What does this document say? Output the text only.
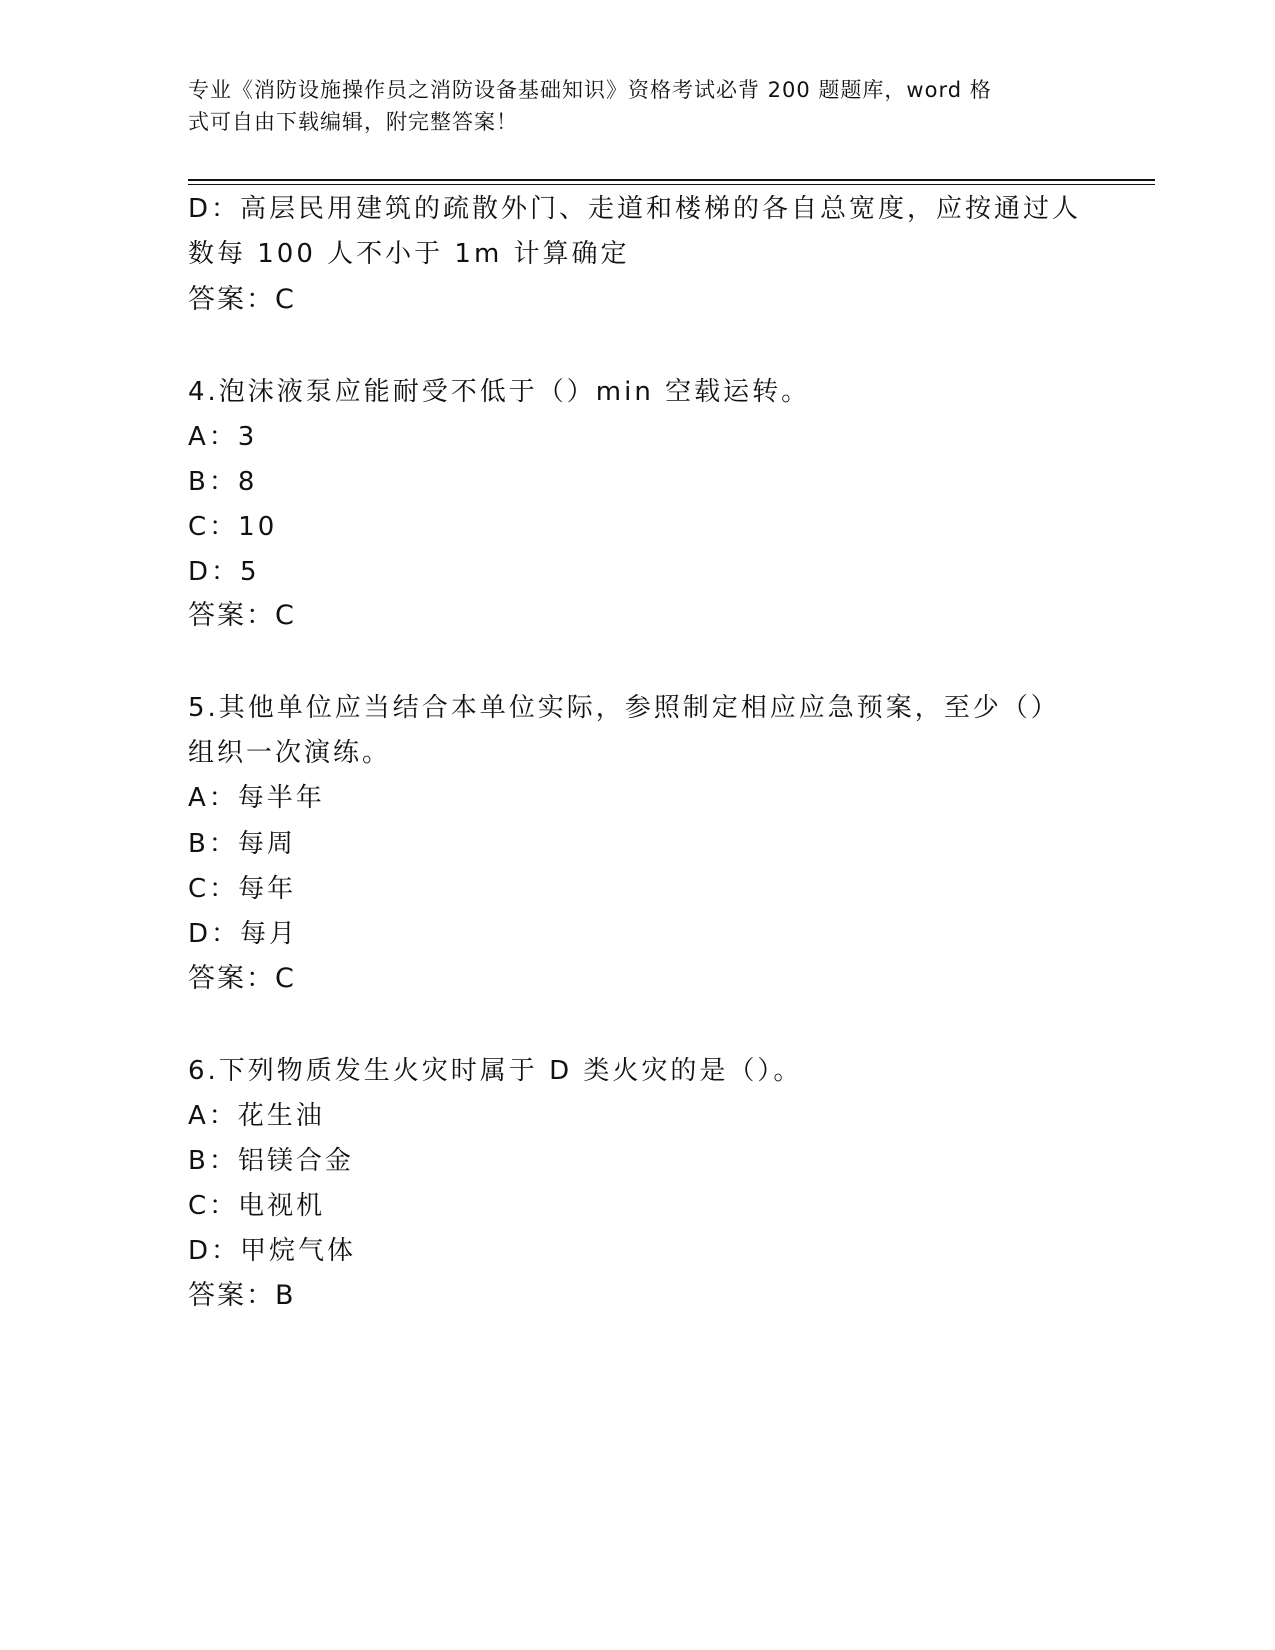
专业《消防设施操作员之消防设备基础知识》资格考试必背 200 题题库，word 格
式可自由下载编辑，附完整答案！
D：高层民用建筑的疏散外门、走道和楼梯的各自总宽度，应按通过人
数每 100 人不小于 1m 计算确定
答案：C
4.泡沫液泵应能耐受不低于（）min 空载运转。
A：3
B：8
C：10
D：5
答案：C
5.其他单位应当结合本单位实际，参照制定相应应急预案，至少（）
组织一次演练。
A：每半年
B：每周
C：每年
D：每月
答案：C
6.下列物质发生火灾时属于 D 类火灾的是（）。
A：花生油
B：铝镁合金
C：电视机
D：甲烷气体
答案：B
